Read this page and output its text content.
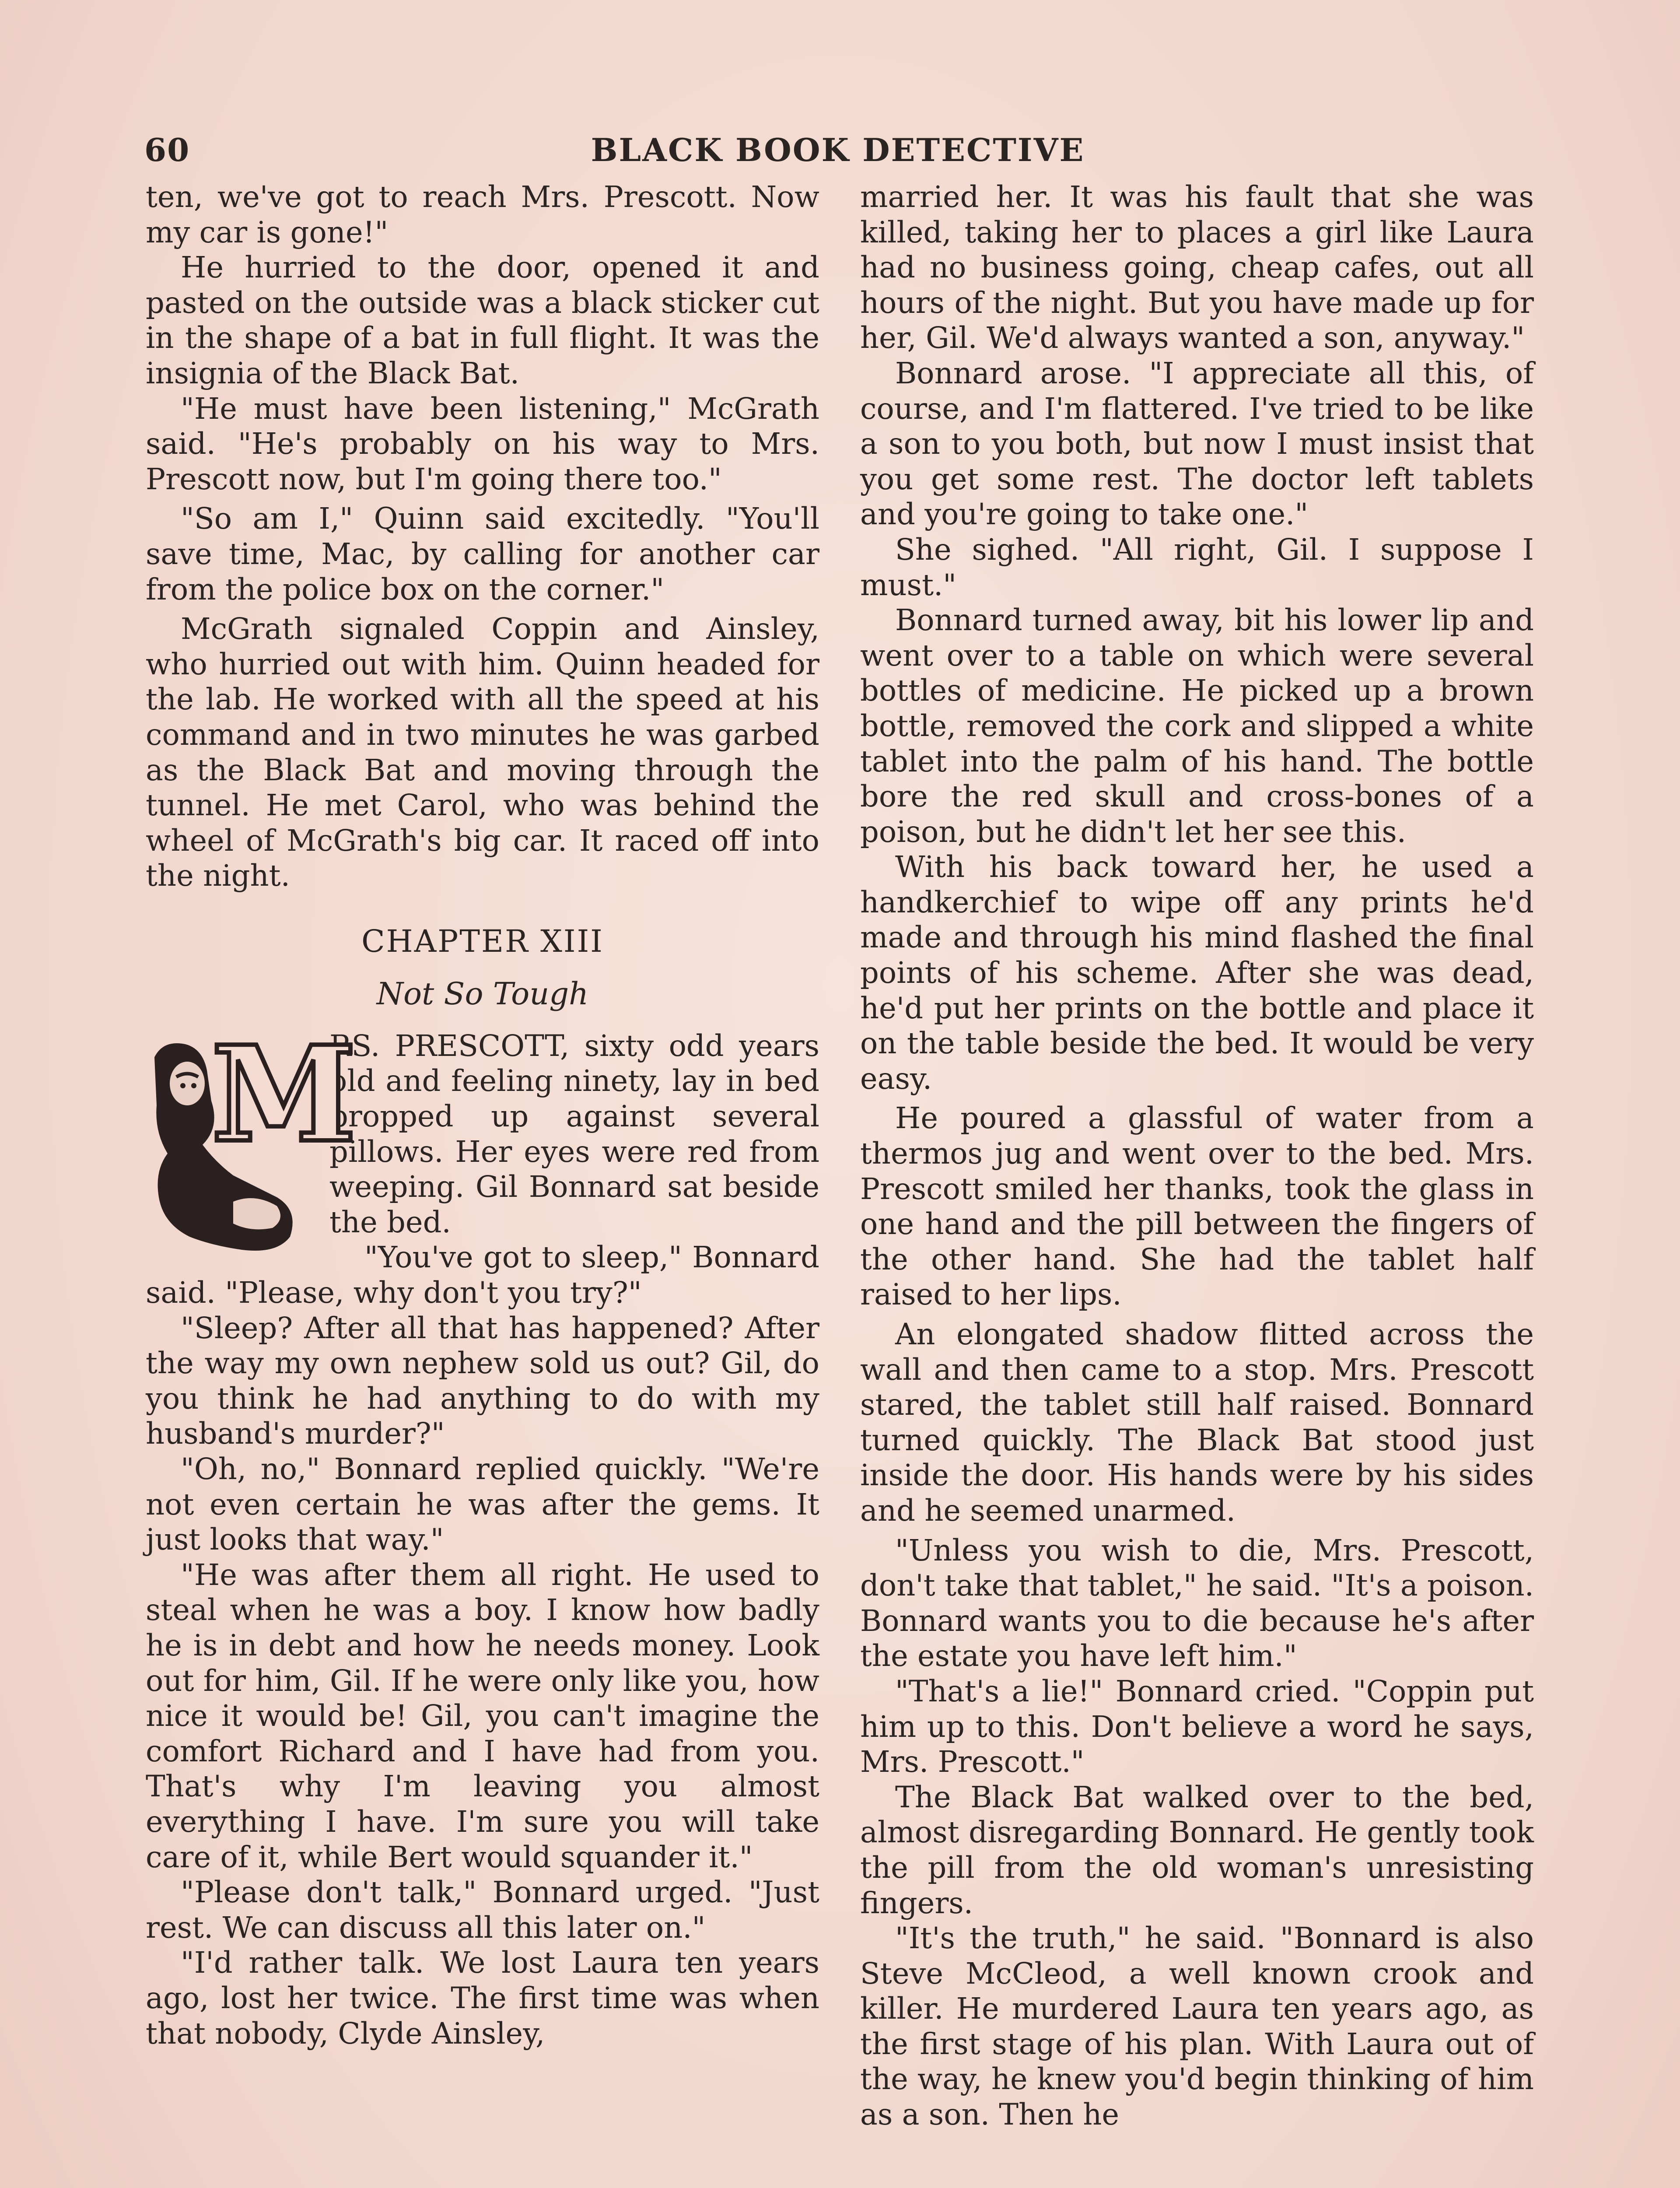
60	BLACK BOOK DETECTIVE

ten, we've got to reach Mrs. Prescott. Now my car is gone!"

He hurried to the door, opened it and pasted on the outside was a black sticker cut in the shape of a bat in full flight. It was the insignia of the Black Bat.

"He must have been listening," McGrath said. "He's probably on his way to Mrs. Prescott now, but I'm going there too."

"So am I," Quinn said excitedly. "You'll save time, Mac, by calling for another car from the police box on the corner."

McGrath signaled Coppin and Ainsley, who hurried out with him. Quinn headed for the lab. He worked with all the speed at his command and in two minutes he was garbed as the Black Bat and moving through the tunnel. He met Carol, who was behind the wheel of McGrath's big car. It raced off into the night.

CHAPTER XIII
Not So Tough
M

RS. PRESCOTT, sixty odd years old and feeling ninety, lay in bed propped up against several pillows. Her eyes were red from weeping. Gil Bonnard sat beside the bed.

"You've got to sleep," Bonnard said. "Please, why don't you try?"

"Sleep? After all that has happened? After the way my own nephew sold us out? Gil, do you think he had anything to do with my husband's murder?"

"Oh, no," Bonnard replied quickly. "We're not even certain he was after the gems. It just looks that way."

"He was after them all right. He used to steal when he was a boy. I know how badly he is in debt and how he needs money. Look out for him, Gil. If he were only like you, how nice it would be! Gil, you can't imagine the comfort Richard and I have had from you. That's why I'm leaving you almost everything I have. I'm sure you will take care of it, while Bert would squander it."

"Please don't talk," Bonnard urged. "Just rest. We can discuss all this later on."

"I'd rather talk. We lost Laura ten years ago, lost her twice. The first time was when that nobody, Clyde Ainsley,

married her. It was his fault that she was killed, taking her to places a girl like Laura had no business going, cheap cafes, out all hours of the night. But you have made up for her, Gil. We'd always wanted a son, anyway."

Bonnard arose. "I appreciate all this, of course, and I'm flattered. I've tried to be like a son to you both, but now I must insist that you get some rest. The doctor left tablets and you're going to take one."

She sighed. "All right, Gil. I suppose I must."

Bonnard turned away, bit his lower lip and went over to a table on which were several bottles of medicine. He picked up a brown bottle, removed the cork and slipped a white tablet into the palm of his hand. The bottle bore the red skull and cross-bones of a poison, but he didn't let her see this.

With his back toward her, he used a handkerchief to wipe off any prints he'd made and through his mind flashed the final points of his scheme. After she was dead, he'd put her prints on the bottle and place it on the table beside the bed. It would be very easy.

He poured a glassful of water from a thermos jug and went over to the bed. Mrs. Prescott smiled her thanks, took the glass in one hand and the pill between the fingers of the other hand. She had the tablet half raised to her lips.

An elongated shadow flitted across the wall and then came to a stop. Mrs. Prescott stared, the tablet still half raised. Bonnard turned quickly. The Black Bat stood just inside the door. His hands were by his sides and he seemed unarmed.

"Unless you wish to die, Mrs. Prescott, don't take that tablet," he said. "It's a poison. Bonnard wants you to die because he's after the estate you have left him."

"That's a lie!" Bonnard cried. "Coppin put him up to this. Don't believe a word he says, Mrs. Prescott."

The Black Bat walked over to the bed, almost disregarding Bonnard. He gently took the pill from the old woman's unresisting fingers.

"It's the truth," he said. "Bonnard is also Steve McCleod, a well known crook and killer. He murdered Laura ten years ago, as the first stage of his plan. With Laura out of the way, he knew you'd begin thinking of him as a son. Then he
